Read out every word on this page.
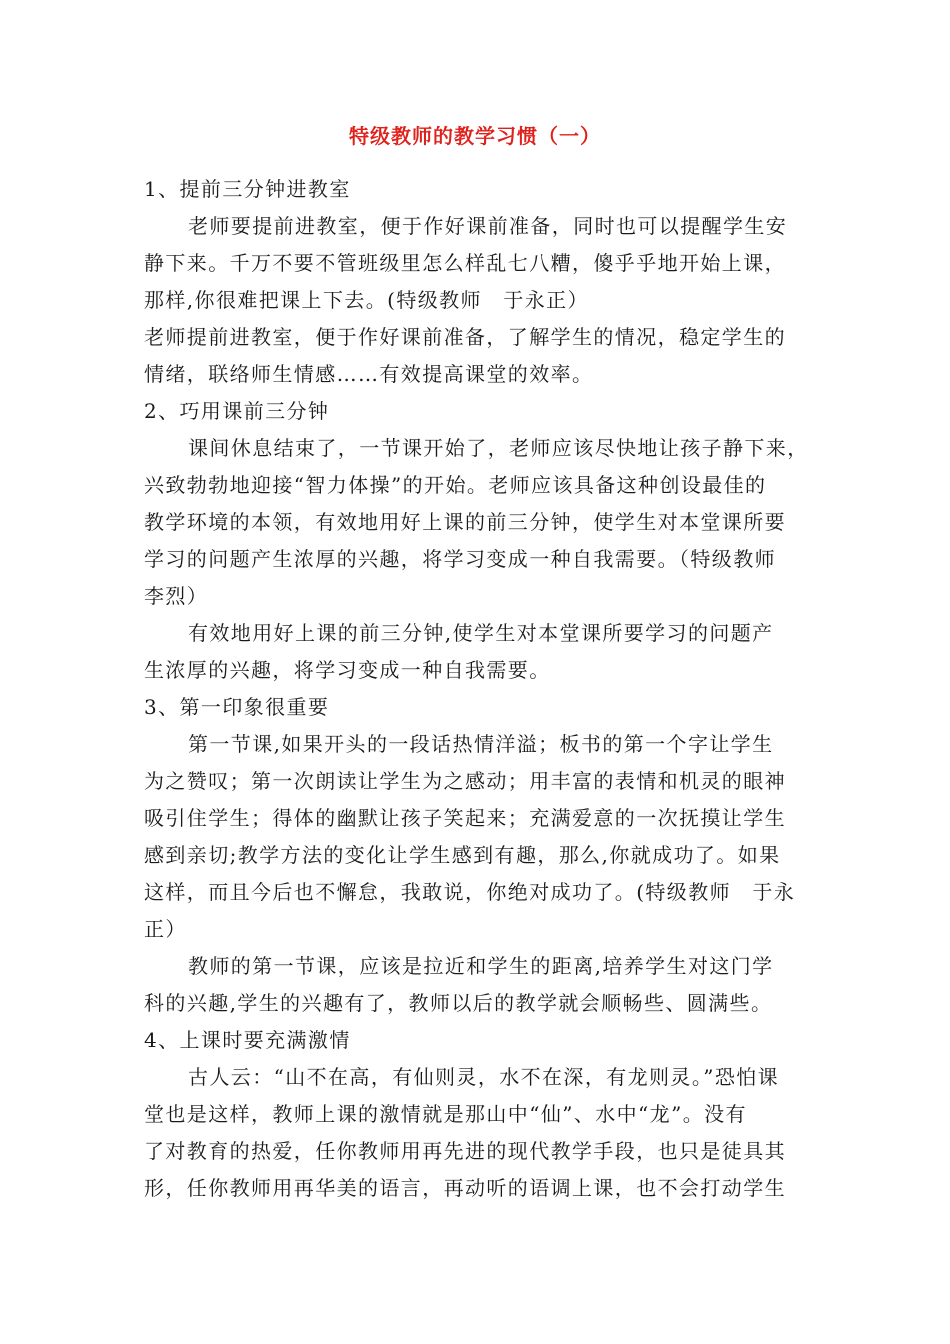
特级教师的教学习惯（一）
1、提前三分钟进教室
老师要提前进教室，便于作好课前准备，同时也可以提醒学生安
静下来。千万不要不管班级里怎么样乱七八糟，傻乎乎地开始上课，
那样,你很难把课上下去。(特级教师　于永正）
老师提前进教室，便于作好课前准备，了解学生的情况，稳定学生的
情绪，联络师生情感……有效提高课堂的效率。
2、巧用课前三分钟
课间休息结束了，一节课开始了，老师应该尽快地让孩子静下来，
兴致勃勃地迎接“智力体操”的开始。老师应该具备这种创设最佳的
教学环境的本领，有效地用好上课的前三分钟，使学生对本堂课所要
学习的问题产生浓厚的兴趣，将学习变成一种自我需要。（特级教师
李烈）
有效地用好上课的前三分钟,使学生对本堂课所要学习的问题产
生浓厚的兴趣，将学习变成一种自我需要。
3、第一印象很重要
第一节课,如果开头的一段话热情洋溢；板书的第一个字让学生
为之赞叹；第一次朗读让学生为之感动；用丰富的表情和机灵的眼神
吸引住学生；得体的幽默让孩子笑起来；充满爱意的一次抚摸让学生
感到亲切;教学方法的变化让学生感到有趣，那么,你就成功了。如果
这样，而且今后也不懈怠，我敢说，你绝对成功了。(特级教师　于永
正）
教师的第一节课，应该是拉近和学生的距离,培养学生对这门学
科的兴趣,学生的兴趣有了，教师以后的教学就会顺畅些、圆满些。
4、上课时要充满激情
古人云：“山不在高，有仙则灵，水不在深，有龙则灵。”恐怕课
堂也是这样，教师上课的激情就是那山中“仙”、水中“龙”。没有
了对教育的热爱，任你教师用再先进的现代教学手段，也只是徒具其
形，任你教师用再华美的语言，再动听的语调上课，也不会打动学生
